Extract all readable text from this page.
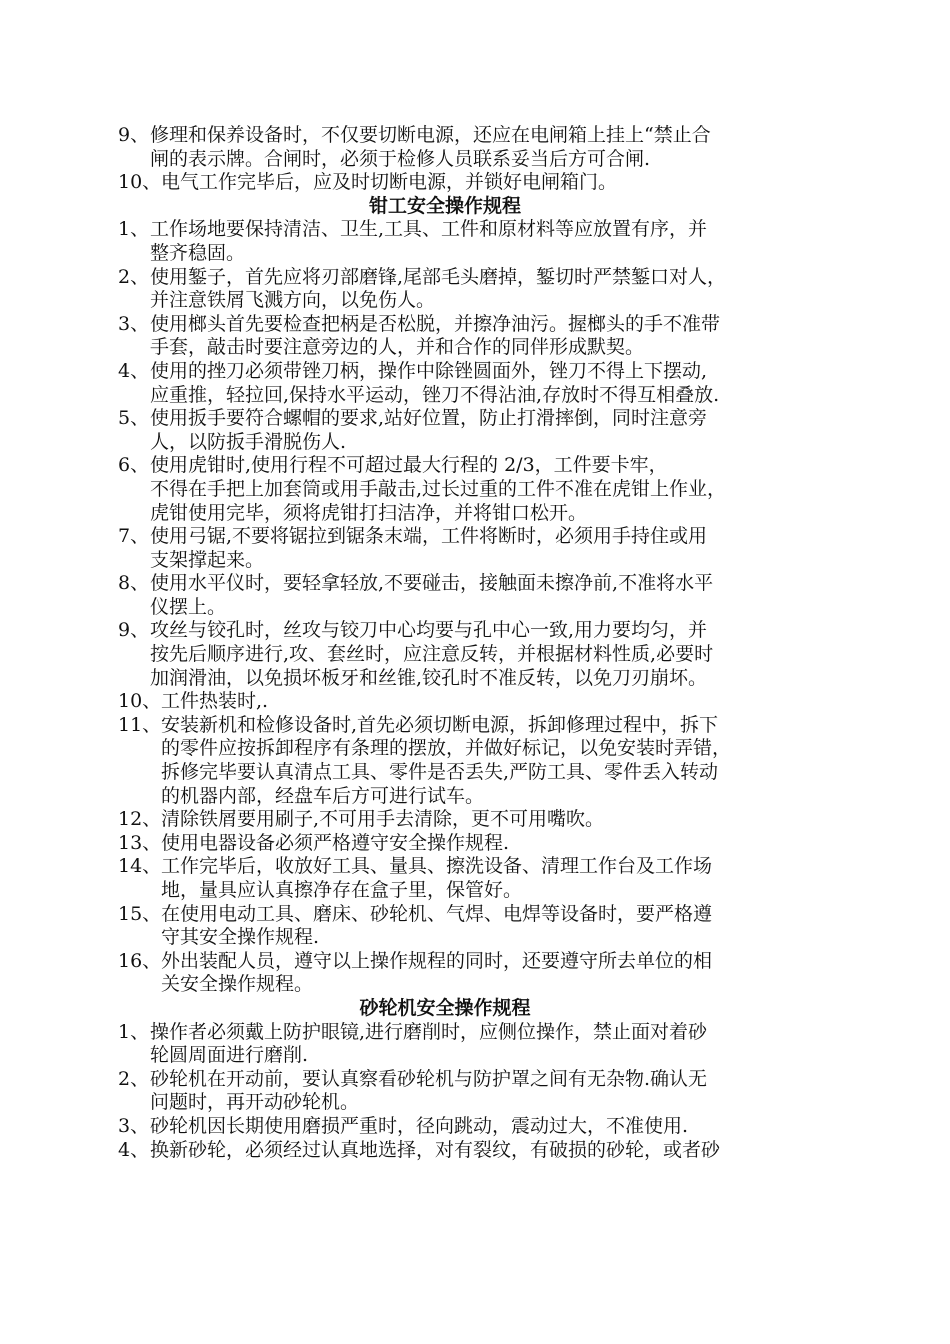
9、 修理和保养设备时，不仅要切断电源，还应在电闸箱上挂上“禁止合
闸的表示牌。合闸时，必须于检修人员联系妥当后方可合闸.
10、 电气工作完毕后，应及时切断电源，并锁好电闸箱门。
钳工安全操作规程
1、 工作场地要保持清洁、卫生,工具、工件和原材料等应放置有序，并
整齐稳固。
2、 使用錾子，首先应将刃部磨锋,尾部毛头磨掉，錾切时严禁錾口对人，
并注意铁屑飞溅方向，以免伤人。
3、 使用榔头首先要检查把柄是否松脱，并擦净油污。握榔头的手不准带
手套，敲击时要注意旁边的人，并和合作的同伴形成默契。
4、 使用的挫刀必须带锉刀柄，操作中除锉圆面外，锉刀不得上下摆动,
应重推，轻拉回,保持水平运动，锉刀不得沾油,存放时不得互相叠放.
5、 使用扳手要符合螺帽的要求,站好位置，防止打滑摔倒，同时注意旁
人，以防扳手滑脱伤人.
6、 使用虎钳时,使用行程不可超过最大行程的 2/3，工件要卡牢，
不得在手把上加套筒或用手敲击,过长过重的工件不准在虎钳上作业，
虎钳使用完毕，须将虎钳打扫洁净，并将钳口松开。
7、 使用弓锯,不要将锯拉到锯条末端，工件将断时，必须用手持住或用
支架撑起来。
8、 使用水平仪时，要轻拿轻放,不要碰击，接触面未擦净前,不准将水平
仪摆上。
9、 攻丝与铰孔时，丝攻与铰刀中心均要与孔中心一致,用力要均匀，并
按先后顺序进行,攻、套丝时，应注意反转，并根据材料性质,必要时
加润滑油，以免损坏板牙和丝锥,铰孔时不准反转，以免刀刃崩坏。
10、 工件热装时,.
11、 安装新机和检修设备时,首先必须切断电源，拆卸修理过程中，拆下
的零件应按拆卸程序有条理的摆放，并做好标记，以免安装时弄错，
拆修完毕要认真清点工具、零件是否丢失,严防工具、零件丢入转动
的机器内部，经盘车后方可进行试车。
12、 清除铁屑要用刷子,不可用手去清除，更不可用嘴吹。
13、 使用电器设备必须严格遵守安全操作规程.
14、 工作完毕后，收放好工具、量具、擦洗设备、清理工作台及工作场
地，量具应认真擦净存在盒子里，保管好。
15、 在使用电动工具、磨床、砂轮机、气焊、电焊等设备时，要严格遵
守其安全操作规程.
16、 外出装配人员，遵守以上操作规程的同时，还要遵守所去单位的相
关安全操作规程。
砂轮机安全操作规程
1、 操作者必须戴上防护眼镜,进行磨削时，应侧位操作，禁止面对着砂
轮圆周面进行磨削.
2、 砂轮机在开动前，要认真察看砂轮机与防护罩之间有无杂物.确认无
问题时，再开动砂轮机。
3、 砂轮机因长期使用磨损严重时，径向跳动，震动过大，不准使用.
4、 换新砂轮，必须经过认真地选择，对有裂纹，有破损的砂轮，或者砂
